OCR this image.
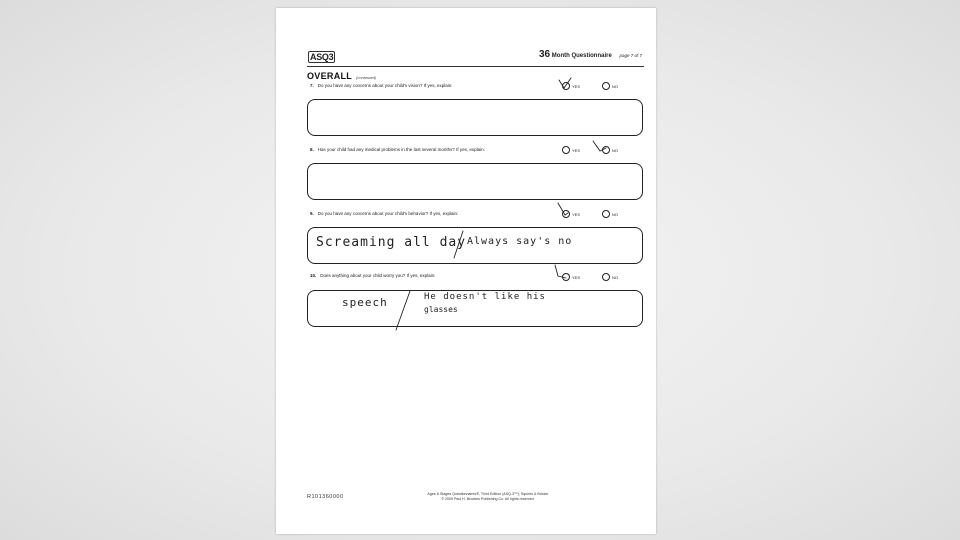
ASQ3	36 Month Questionnaire page 7 of 7
OVERALL (continued)
7. Do you have any concerns about your child's vision? If yes, explain:	YES	NO
8. Has your child had any medical problems in the last several months? If yes, explain:	YES	NO
9. Do you have any concerns about your child's behavior? If yes, explain:	YES	NO
Screaming all day Always say's no
10. Does anything about your child worry you? If yes, explain:	YES	NO
speech	He doesn't like his
glasses
R101360000	Ages & Stages Questionnaires®, Third Edition (ASQ-3™), Squires & Bricker
© 2009 Paul H. Brookes Publishing Co. All rights reserved.
